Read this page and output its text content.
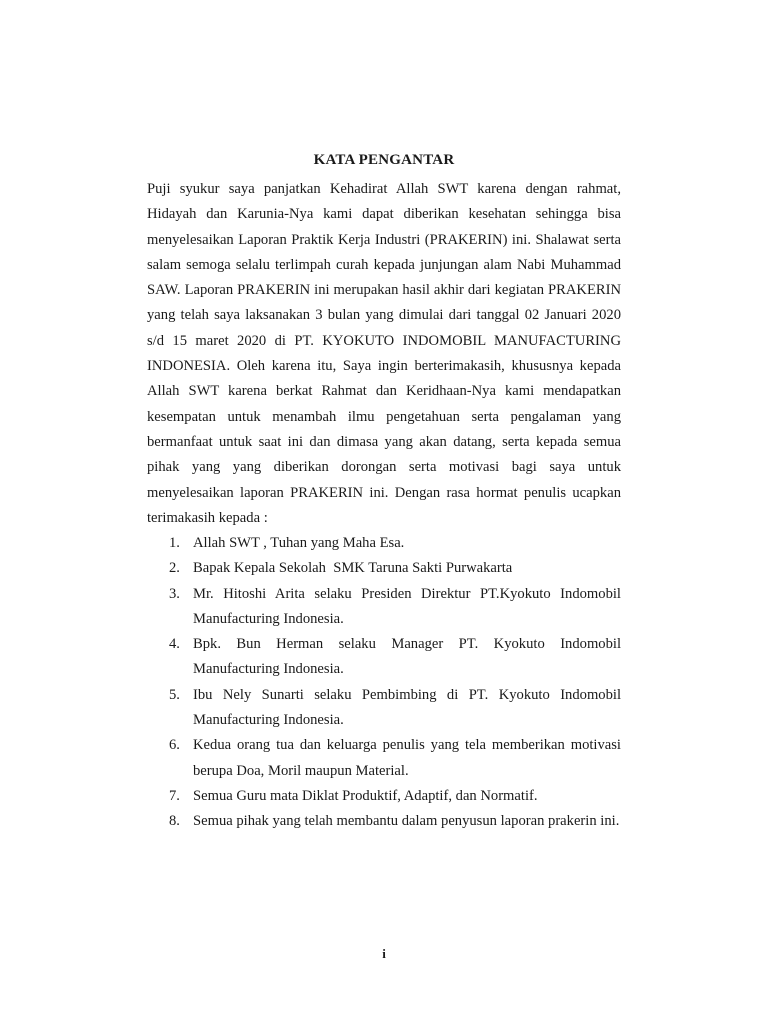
KATA PENGANTAR

Puji syukur saya panjatkan Kehadirat Allah SWT karena dengan rahmat, Hidayah dan Karunia-Nya kami dapat diberikan kesehatan sehingga bisa menyelesaikan Laporan Praktik Kerja Industri (PRAKERIN) ini. Shalawat serta salam semoga selalu terlimpah curah kepada junjungan alam Nabi Muhammad SAW. Laporan PRAKERIN ini merupakan hasil akhir dari kegiatan PRAKERIN yang telah saya laksanakan 3 bulan yang dimulai dari tanggal 02 Januari 2020 s/d 15 maret 2020 di PT. KYOKUTO INDOMOBIL MANUFACTURING INDONESIA. Oleh karena itu, Saya ingin berterimakasih, khususnya kepada Allah SWT karena berkat Rahmat dan Keridhaan-Nya kami mendapatkan kesempatan untuk menambah ilmu pengetahuan serta pengalaman yang bermanfaat untuk saat ini dan dimasa yang akan datang, serta kepada semua pihak yang yang diberikan dorongan serta motivasi bagi saya untuk menyelesaikan laporan PRAKERIN ini. Dengan rasa hormat penulis ucapkan terimakasih kepada :

1. Allah SWT , Tuhan yang Maha Esa.
2. Bapak Kepala Sekolah  SMK Taruna Sakti Purwakarta
3. Mr. Hitoshi Arita selaku Presiden Direktur PT.Kyokuto Indomobil Manufacturing Indonesia.
4. Bpk. Bun Herman selaku Manager PT. Kyokuto Indomobil Manufacturing Indonesia.
5. Ibu Nely Sunarti selaku Pembimbing di PT. Kyokuto Indomobil Manufacturing Indonesia.
6. Kedua orang tua dan keluarga penulis yang tela memberikan motivasi berupa Doa, Moril maupun Material.
7. Semua Guru mata Diklat Produktif, Adaptif, dan Normatif.
8. Semua pihak yang telah membantu dalam penyusun laporan prakerin ini.
i
